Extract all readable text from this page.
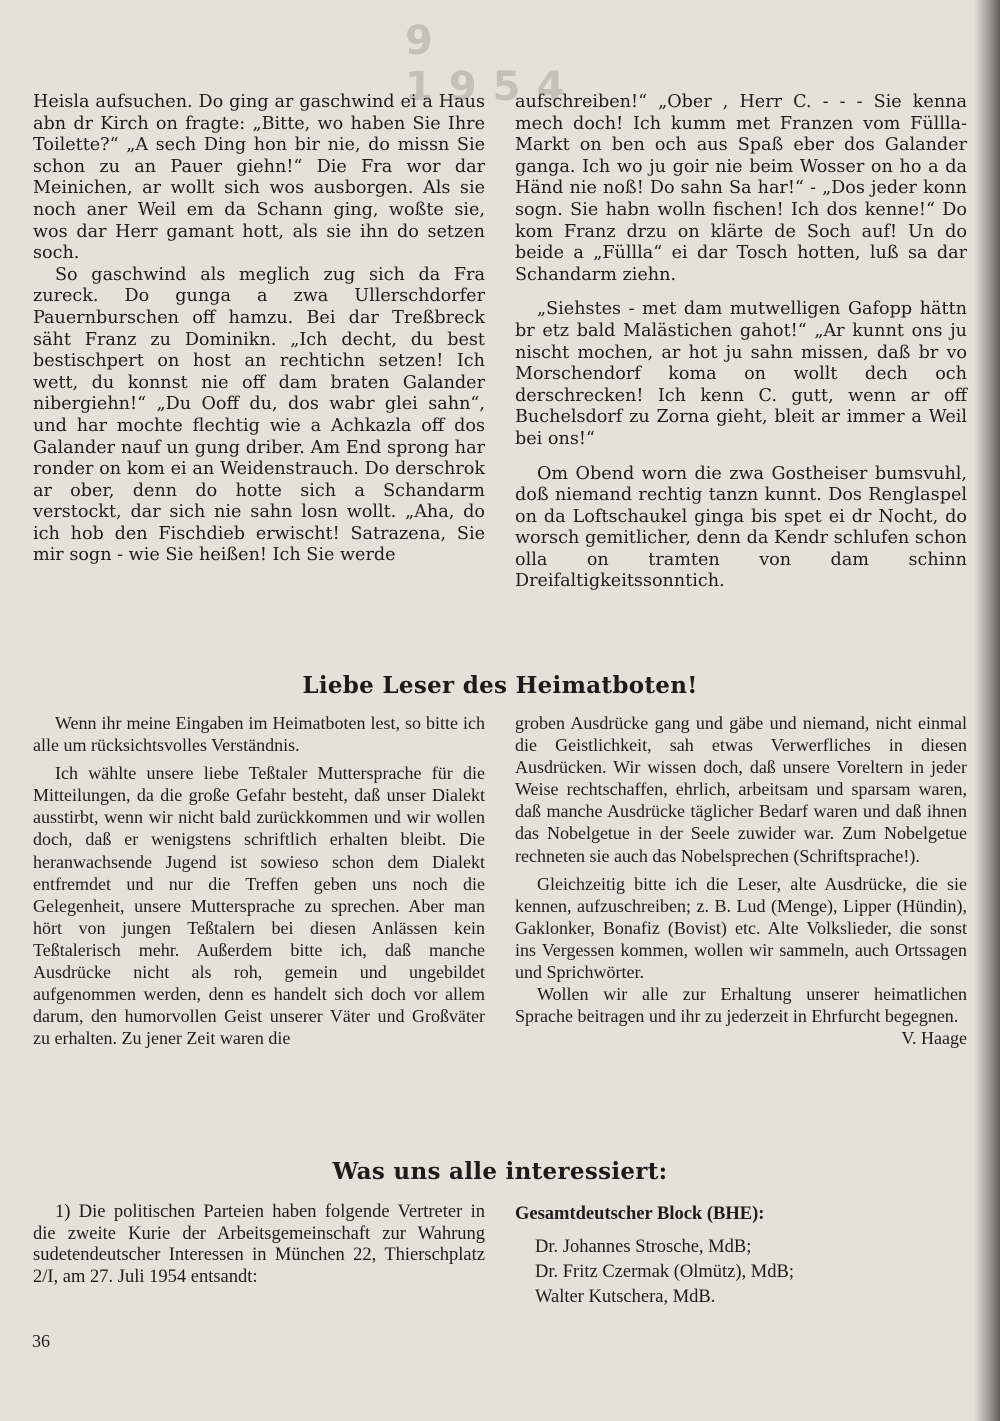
9 1954

Heisla aufsuchen. Do ging ar gaschwind ei a Haus abn dr Kirch on fragte: „Bitte, wo haben Sie Ihre Toilette?“ „A sech Ding hon bir nie, do missn Sie schon zu an Pauer giehn!“ Die Fra wor dar Meinichen, ar wollt sich wos ausborgen. Als sie noch aner Weil em da Schann ging, woßte sie, wos dar Herr gamant hott, als sie ihn do setzen soch.

So gaschwind als meglich zug sich da Fra zureck. Do gunga a zwa Ullerschdorfer Pauernburschen off hamzu. Bei dar Treßbreck säht Franz zu Dominikn. „Ich decht, du best bestischpert on host an rechtichn setzen! Ich wett, du konnst nie off dam braten Galander nibergiehn!“ „Du Ooff du, dos wabr glei sahn“, und har mochte flechtig wie a Achkazla off dos Galander nauf un gung driber. Am End sprong har ronder on kom ei an Weidenstrauch. Do derschrok ar ober, denn do hotte sich a Schandarm verstockt, dar sich nie sahn losn wollt. „Aha, do ich hob den Fischdieb erwischt! Satrazena, Sie mir sogn - wie Sie heißen! Ich Sie werde

aufschreiben!“ „Ober , Herr C. - - - Sie kenna mech doch! Ich kumm met Franzen vom Füllla-Markt on ben och aus Spaß eber dos Galander ganga. Ich wo ju goir nie beim Wosser on ho a da Händ nie noß! Do sahn Sa har!“ - „Dos jeder konn sogn. Sie habn wolln fischen! Ich dos kenne!“ Do kom Franz drzu on klärte de Soch auf! Un do beide a „Füllla“ ei dar Tosch hotten, luß sa dar Schandarm ziehn.

„Siehstes - met dam mutwelligen Gafopp hättn br etz bald Malästichen gahot!“ „Ar kunnt ons ju nischt mochen, ar hot ju sahn missen, daß br vo Morschendorf koma on wollt dech och derschrecken! Ich kenn C. gutt, wenn ar off Buchelsdorf zu Zorna gieht, bleit ar immer a Weil bei ons!“

Om Obend worn die zwa Gostheiser bumsvuhl, doß niemand rechtig tanzn kunnt. Dos Renglaspel on da Loftschaukel ginga bis spet ei dr Nocht, do worsch gemitlicher, denn da Kendr schlufen schon olla on tramten von dam schinn Dreifaltigkeitssonntich.

Liebe Leser des Heimatboten!

Wenn ihr meine Eingaben im Heimatboten lest, so bitte ich alle um rücksichtsvolles Verständnis.

Ich wählte unsere liebe Teßtaler Muttersprache für die Mitteilungen, da die große Gefahr besteht, daß unser Dialekt ausstirbt, wenn wir nicht bald zurückkommen und wir wollen doch, daß er wenigstens schriftlich erhalten bleibt. Die heranwachsende Jugend ist sowieso schon dem Dialekt entfremdet und nur die Treffen geben uns noch die Gelegenheit, unsere Muttersprache zu sprechen. Aber man hört von jungen Teßtalern bei diesen Anlässen kein Teßtalerisch mehr. Außerdem bitte ich, daß manche Ausdrücke nicht als roh, gemein und ungebildet aufgenommen werden, denn es handelt sich doch vor allem darum, den humorvollen Geist unserer Väter und Großväter zu erhalten. Zu jener Zeit waren die

groben Ausdrücke gang und gäbe und niemand, nicht einmal die Geistlichkeit, sah etwas Verwerfliches in diesen Ausdrücken. Wir wissen doch, daß unsere Voreltern in jeder Weise rechtschaffen, ehrlich, arbeitsam und sparsam waren, daß manche Ausdrücke täglicher Bedarf waren und daß ihnen das Nobelgetue in der Seele zuwider war. Zum Nobelgetue rechneten sie auch das Nobelsprechen (Schriftsprache!).

Gleichzeitig bitte ich die Leser, alte Ausdrücke, die sie kennen, aufzuschreiben; z. B. Lud (Menge), Lipper (Hündin), Gaklonker, Bonafiz (Bovist) etc. Alte Volkslieder, die sonst ins Vergessen kommen, wollen wir sammeln, auch Ortssagen und Sprichwörter.

Wollen wir alle zur Erhaltung unserer heimatlichen Sprache beitragen und ihr zu jederzeit in Ehrfurcht begegnen.
V. Haage

Was uns alle interessiert:

1) Die politischen Parteien haben folgende Vertreter in die zweite Kurie der Arbeitsgemeinschaft zur Wahrung sudetendeutscher Interessen in München 22, Thierschplatz 2/I, am 27. Juli 1954 entsandt:

Gesamtdeutscher Block (BHE):
Dr. Johannes Strosche, MdB;
Dr. Fritz Czermak (Olmütz), MdB;
Walter Kutschera, MdB.
36
